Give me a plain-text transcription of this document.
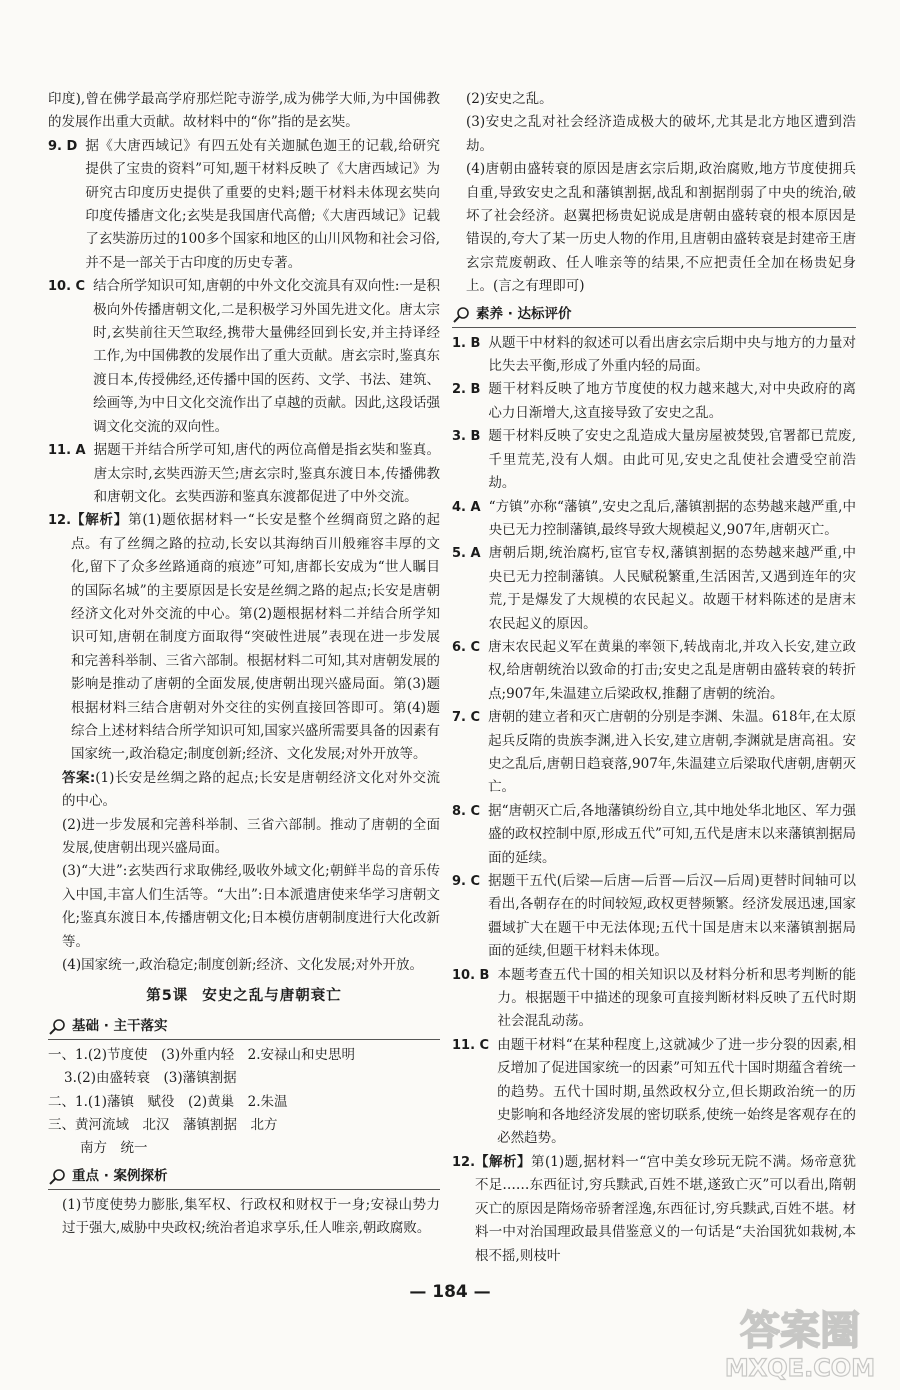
印度),曾在佛学最高学府那烂陀寺游学,成为佛学大师,为中国佛教的发展作出重大贡献。故材料中的“你”指的是玄奘。
9. D 据《大唐西域记》有四五处有关迦腻色迦王的记载,给研究提供了宝贵的资料”可知,题干材料反映了《大唐西域记》为研究古印度历史提供了重要的史料;题干材料未体现玄奘向印度传播唐文化;玄奘是我国唐代高僧;《大唐西域记》记载了玄奘游历过的100多个国家和地区的山川风物和社会习俗,并不是一部关于古印度的历史专著。
10. C 结合所学知识可知,唐朝的中外文化交流具有双向性:一是积极向外传播唐朝文化,二是积极学习外国先进文化。唐太宗时,玄奘前往天竺取经,携带大量佛经回到长安,并主持译经工作,为中国佛教的发展作出了重大贡献。唐玄宗时,鉴真东渡日本,传授佛经,还传播中国的医药、文学、书法、建筑、绘画等,为中日文化交流作出了卓越的贡献。因此,这段话强调文化交流的双向性。
11. A 据题干并结合所学可知,唐代的两位高僧是指玄奘和鉴真。唐太宗时,玄奘西游天竺;唐玄宗时,鉴真东渡日本,传播佛教和唐朝文化。玄奘西游和鉴真东渡都促进了中外交流。
12. 【解析】第(1)题依据材料一“长安是整个丝绸商贸之路的起点。有了丝绸之路的拉动,长安以其海纳百川般雍容丰厚的文化,留下了众多丝路通商的痕迹”可知,唐都长安成为“世人瞩目的国际名城”的主要原因是长安是丝绸之路的起点;长安是唐朝经济文化对外交流的中心。第(2)题根据材料二并结合所学知识可知,唐朝在制度方面取得“突破性进展”表现在进一步发展和完善科举制、三省六部制。根据材料二可知,其对唐朝发展的影响是推动了唐朝的全面发展,使唐朝出现兴盛局面。第(3)题根据材料三结合唐朝对外交往的实例直接回答即可。第(4)题综合上述材料结合所学知识可知,国家兴盛所需要具备的因素有国家统一,政治稳定;制度创新;经济、文化发展;对外开放等。
答案:(1)长安是丝绸之路的起点;长安是唐朝经济文化对外交流的中心。
(2)进一步发展和完善科举制、三省六部制。推动了唐朝的全面发展,使唐朝出现兴盛局面。
(3)“大进”:玄奘西行求取佛经,吸收外域文化;朝鲜半岛的音乐传入中国,丰富人们生活等。“大出”:日本派遣唐使来华学习唐朝文化;鉴真东渡日本,传播唐朝文化;日本模仿唐朝制度进行大化改新等。
(4)国家统一,政治稳定;制度创新;经济、文化发展;对外开放。
第5课 安史之乱与唐朝衰亡
基础 · 主干落实
一、1.(2)节度使　(3)外重内轻　2.安禄山和史思明
3.(2)由盛转衰　(3)藩镇割据
二、1.(1)藩镇　赋役　(2)黄巢　2.朱温
三、黄河流域　北汉　藩镇割据　北方
南方　统一
重点 · 案例探析
(1)节度使势力膨胀,集军权、行政权和财权于一身;安禄山势力过于强大,威胁中央政权;统治者追求享乐,任人唯亲,朝政腐败。
(2)安史之乱。
(3)安史之乱对社会经济造成极大的破坏,尤其是北方地区遭到浩劫。
(4)唐朝由盛转衰的原因是唐玄宗后期,政治腐败,地方节度使拥兵自重,导致安史之乱和藩镇割据,战乱和割据削弱了中央的统治,破坏了社会经济。赵翼把杨贵妃说成是唐朝由盛转衰的根本原因是错误的,夸大了某一历史人物的作用,且唐朝由盛转衰是封建帝王唐玄宗荒废朝政、任人唯亲等的结果,不应把责任全加在杨贵妃身上。(言之有理即可)
素养 · 达标评价
1. B 从题干中材料的叙述可以看出唐玄宗后期中央与地方的力量对比失去平衡,形成了外重内轻的局面。
2. B 题干材料反映了地方节度使的权力越来越大,对中央政府的离心力日渐增大,这直接导致了安史之乱。
3. B 题干材料反映了安史之乱造成大量房屋被焚毁,官署都已荒废,千里荒芜,没有人烟。由此可见,安史之乱使社会遭受空前浩劫。
4. A “方镇”亦称“藩镇”,安史之乱后,藩镇割据的态势越来越严重,中央已无力控制藩镇,最终导致大规模起义,907年,唐朝灭亡。
5. A 唐朝后期,统治腐朽,宦官专权,藩镇割据的态势越来越严重,中央已无力控制藩镇。人民赋税繁重,生活困苦,又遇到连年的灾荒,于是爆发了大规模的农民起义。故题干材料陈述的是唐末农民起义的原因。
6. C 唐末农民起义军在黄巢的率领下,转战南北,并攻入长安,建立政权,给唐朝统治以致命的打击;安史之乱是唐朝由盛转衰的转折点;907年,朱温建立后梁政权,推翻了唐朝的统治。
7. C 唐朝的建立者和灭亡唐朝的分别是李渊、朱温。618年,在太原起兵反隋的贵族李渊,进入长安,建立唐朝,李渊就是唐高祖。安史之乱后,唐朝日趋衰落,907年,朱温建立后梁取代唐朝,唐朝灭亡。
8. C 据“唐朝灭亡后,各地藩镇纷纷自立,其中地处华北地区、军力强盛的政权控制中原,形成五代”可知,五代是唐末以来藩镇割据局面的延续。
9. C 据题干五代(后梁—后唐—后晋—后汉—后周)更替时间轴可以看出,各朝存在的时间较短,政权更替频繁。经济发展迅速,国家疆域扩大在题干中无法体现;五代十国是唐末以来藩镇割据局面的延续,但题干材料未体现。
10. B 本题考查五代十国的相关知识以及材料分析和思考判断的能力。根据题干中描述的现象可直接判断材料反映了五代时期社会混乱动荡。
11. C 由题干材料“在某种程度上,这就减少了进一步分裂的因素,相反增加了促进国家统一的因素”可知五代十国时期蕴含着统一的趋势。五代十国时期,虽然政权分立,但长期政治统一的历史影响和各地经济发展的密切联系,使统一始终是客观存在的必然趋势。
12. 【解析】第(1)题,据材料一“宫中美女珍玩无院不满。炀帝意犹不足……东西征讨,穷兵黩武,百姓不堪,遂致亡灭”可以看出,隋朝灭亡的原因是隋炀帝骄奢淫逸,东西征讨,穷兵黩武,百姓不堪。材料一中对治国理政最具借鉴意义的一句话是“夫治国犹如栽树,本根不摇,则枝叶
— 184 —
答案圈
MXQE.COM
